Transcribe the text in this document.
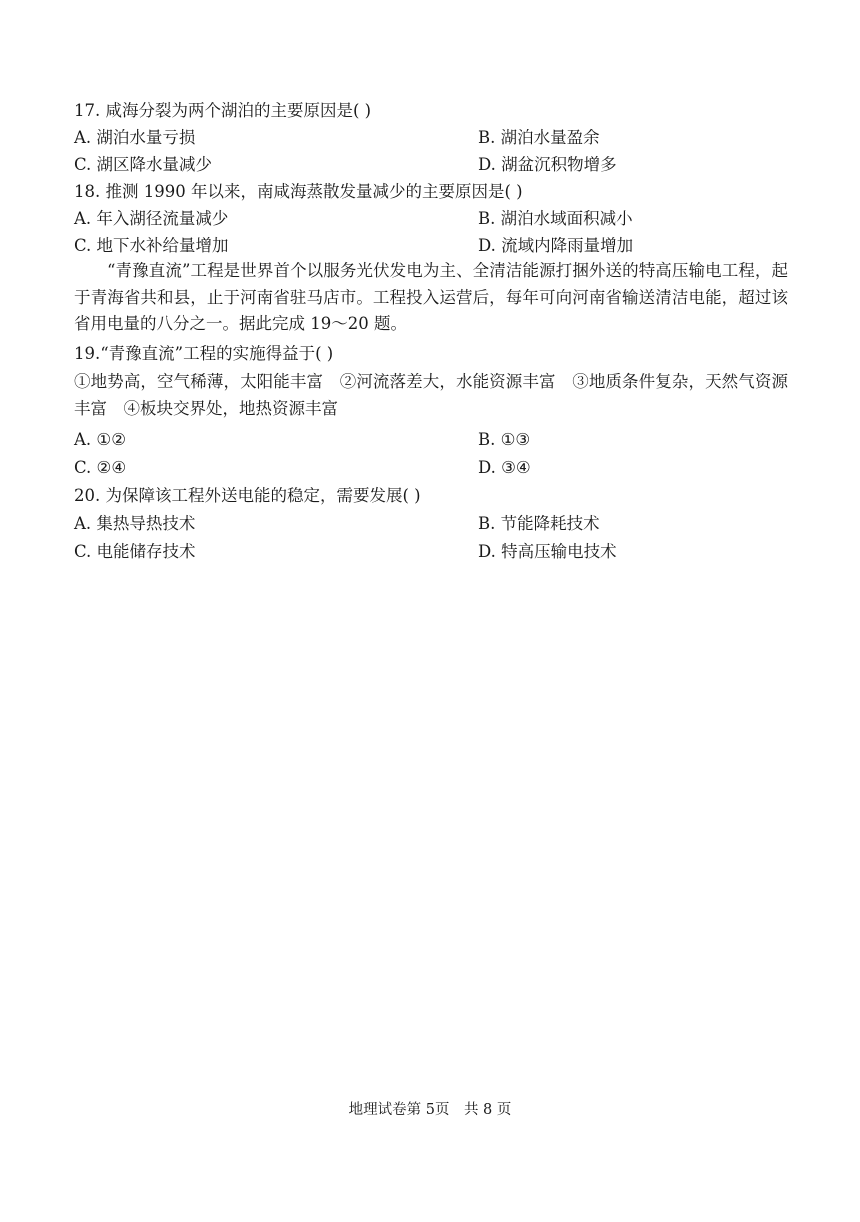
17. 咸海分裂为两个湖泊的主要原因是( )
A. 湖泊水量亏损	B. 湖泊水量盈余
C. 湖区降水量减少	D. 湖盆沉积物增多
18. 推测 1990 年以来，南咸海蒸散发量减少的主要原因是( )
A. 年入湖径流量减少	B. 湖泊水域面积减小
C. 地下水补给量增加	D. 流域内降雨量增加
“青豫直流”工程是世界首个以服务光伏发电为主、全清洁能源打捆外送的特高压输电工程，起于青海省共和县，止于河南省驻马店市。工程投入运营后，每年可向河南省输送清洁电能，超过该省用电量的八分之一。据此完成 19～20 题。
19.“青豫直流”工程的实施得益于( )
①地势高，空气稀薄，太阳能丰富　②河流落差大，水能资源丰富　③地质条件复杂，天然气资源丰富　④板块交界处，地热资源丰富
A. ①②	B. ①③
C. ②④	D. ③④
20. 为保障该工程外送电能的稳定，需要发展( )
A. 集热导热技术	B. 节能降耗技术
C. 电能储存技术	D. 特高压输电技术
地理试卷第 5页　共 8 页
